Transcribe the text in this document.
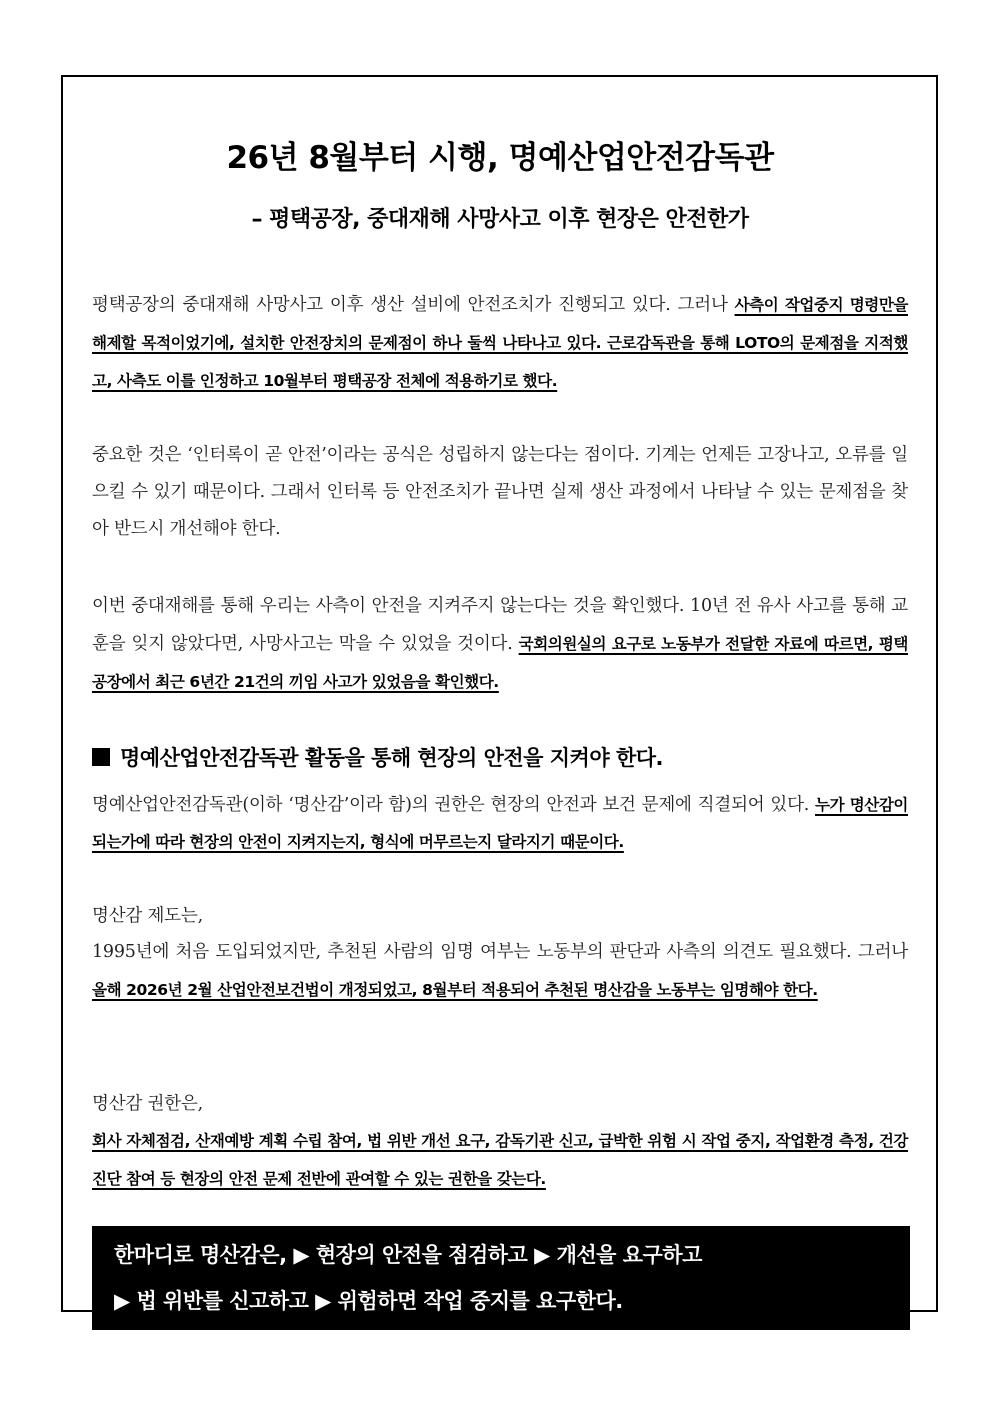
26년 8월부터 시행, 명예산업안전감독관
– 평택공장, 중대재해 사망사고 이후 현장은 안전한가

평택공장의 중대재해 사망사고 이후 생산 설비에 안전조치가 진행되고 있다. 그러나 사측이 작업중지 명령만을 해제할 목적이었기에, 설치한 안전장치의 문제점이 하나 둘씩 나타나고 있다. 근로감독관을 통해 LOTO의 문제점을 지적했고, 사측도 이를 인정하고 10월부터 평택공장 전체에 적용하기로 했다.

중요한 것은 ‘인터록이 곧 안전’이라는 공식은 성립하지 않는다는 점이다. 기계는 언제든 고장나고, 오류를 일으킬 수 있기 때문이다. 그래서 인터록 등 안전조치가 끝나면 실제 생산 과정에서 나타날 수 있는 문제점을 찾아 반드시 개선해야 한다.

이번 중대재해를 통해 우리는 사측이 안전을 지켜주지 않는다는 것을 확인했다. 10년 전 유사 사고를 통해 교훈을 잊지 않았다면, 사망사고는 막을 수 있었을 것이다. 국회의원실의 요구로 노동부가 전달한 자료에 따르면, 평택공장에서 최근 6년간 21건의 끼임 사고가 있었음을 확인했다.

명예산업안전감독관 활동을 통해 현장의 안전을 지켜야 한다.

명예산업안전감독관(이하 ‘명산감’이라 함)의 권한은 현장의 안전과 보건 문제에 직결되어 있다. 누가 명산감이 되는가에 따라 현장의 안전이 지켜지는지, 형식에 머무르는지 달라지기 때문이다.

명산감 제도는,

1995년에 처음 도입되었지만, 추천된 사람의 임명 여부는 노동부의 판단과 사측의 의견도 필요했다. 그러나 올해 2026년 2월 산업안전보건법이 개정되었고, 8월부터 적용되어 추천된 명산감을 노동부는 임명해야 한다.

명산감 권한은,

회사 자체점검, 산재예방 계획 수립 참여, 법 위반 개선 요구, 감독기관 신고, 급박한 위험 시 작업 중지, 작업환경 측정, 건강진단 참여 등 현장의 안전 문제 전반에 관여할 수 있는 권한을 갖는다.

한마디로 명산감은, ▶ 현장의 안전을 점검하고 ▶ 개선을 요구하고

▶ 법 위반를 신고하고 ▶ 위험하면 작업 중지를 요구한다.
